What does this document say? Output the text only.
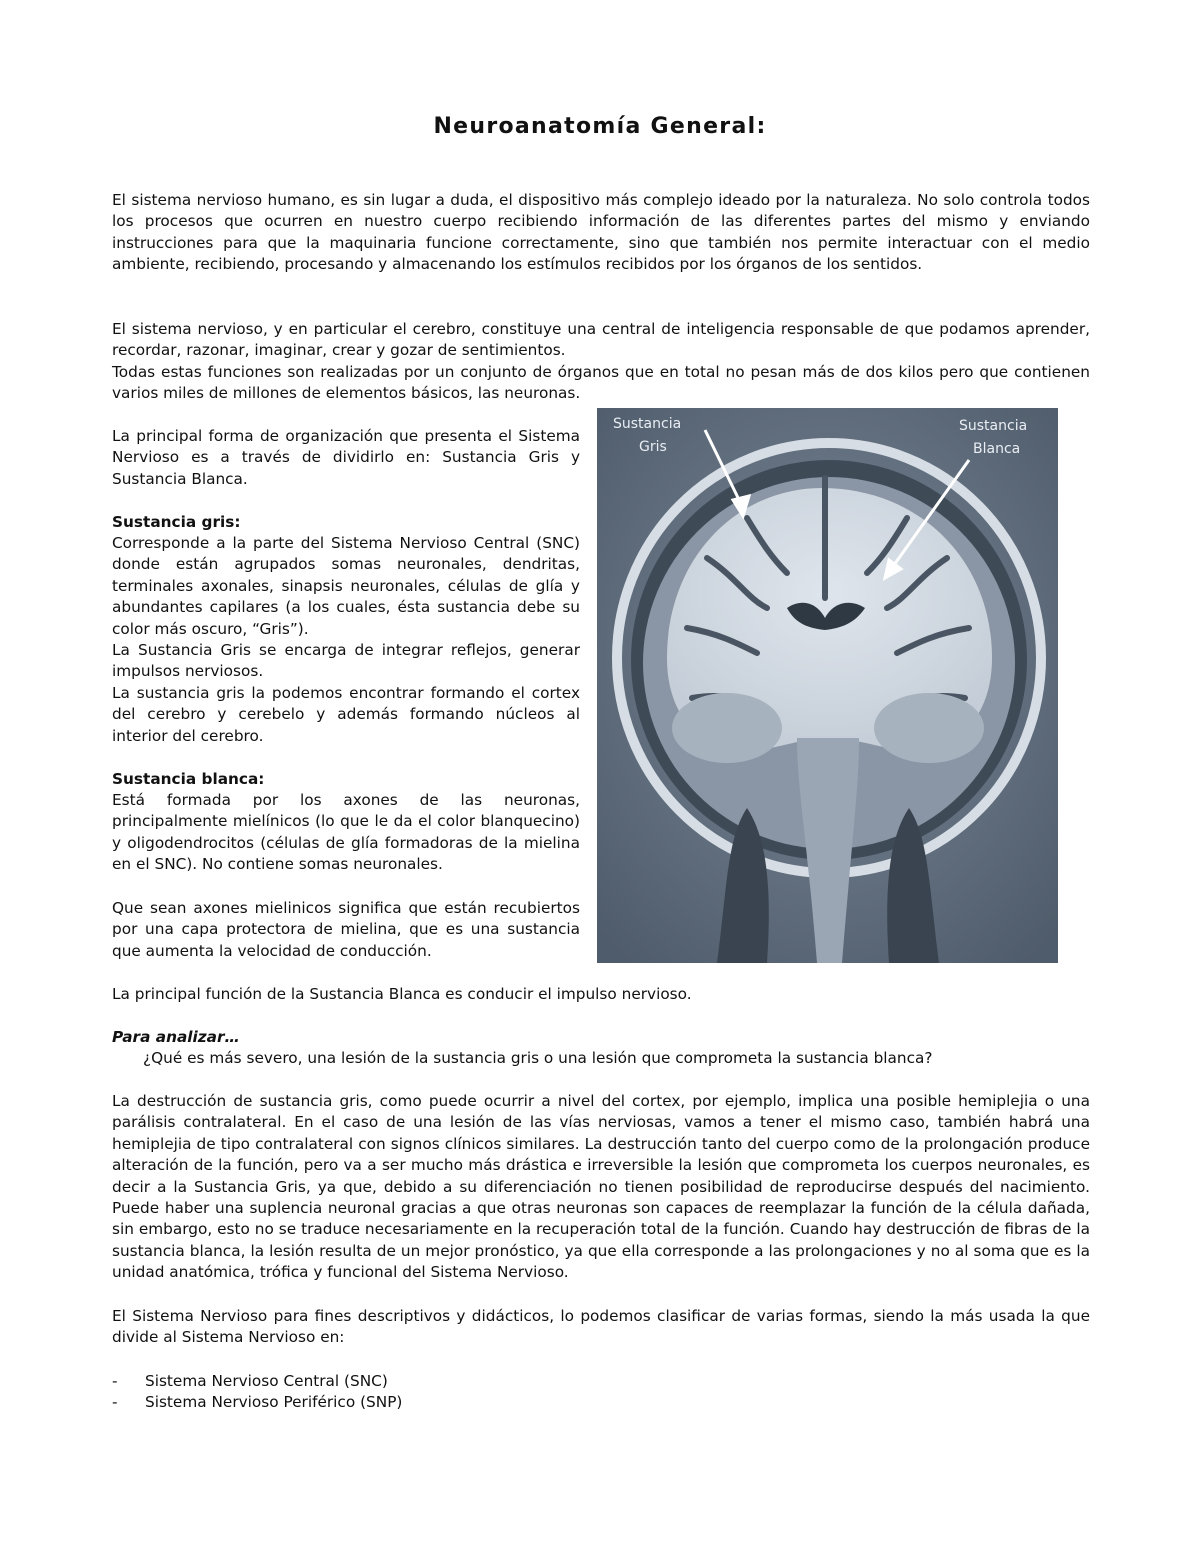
Neuroanatomía General:

El sistema nervioso humano, es sin lugar a duda, el dispositivo más complejo ideado por la naturaleza. No solo controla todos los procesos que ocurren en nuestro cuerpo recibiendo información de las diferentes partes del mismo y enviando instrucciones para que la maquinaria funcione correctamente, sino que también nos permite interactuar con el medio ambiente, recibiendo, procesando y almacenando los estímulos recibidos por los órganos de los sentidos.

El sistema nervioso, y en particular el cerebro, constituye una central de inteligencia responsable de que podamos aprender, recordar, razonar, imaginar, crear y gozar de sentimientos.

Todas estas funciones son realizadas por un conjunto de órganos que en total no pesan más de dos kilos pero que contienen varios miles de millones de elementos básicos, las neuronas.

La principal forma de organización que presenta el Sistema Nervioso es a través de dividirlo en: Sustancia Gris y Sustancia Blanca.

Sustancia gris:

Corresponde a la parte del Sistema Nervioso Central (SNC) donde están agrupados somas neuronales, dendritas, terminales axonales, sinapsis neuronales, células de glía y abundantes capilares (a los cuales, ésta sustancia debe su color más oscuro, “Gris”).

La Sustancia Gris se encarga de integrar reflejos, generar impulsos nerviosos.

La sustancia gris la podemos encontrar formando el cortex del cerebro y cerebelo y además formando núcleos al interior del cerebro.

Sustancia blanca:

Está formada por los axones de las neuronas, principalmente mielínicos (lo que le da el color blanquecino) y oligodendrocitos (células de glía formadoras de la mielina en el SNC). No contiene somas neuronales.

Que sean axones mielinicos significa que están recubiertos por una capa protectora de mielina, que es una sustancia que aumenta la velocidad de conducción.

La principal función de la Sustancia Blanca es conducir el impulso nervioso.

Para analizar…

¿Qué es más severo, una lesión de la sustancia gris o una lesión que comprometa la sustancia blanca?

La destrucción de sustancia gris, como puede ocurrir a nivel del cortex, por ejemplo, implica una posible hemiplejia o una parálisis contralateral. En el caso de una lesión de las vías nerviosas, vamos a tener el mismo caso, también habrá una hemiplejia de tipo contralateral con signos clínicos similares. La destrucción tanto del cuerpo como de la prolongación produce alteración de la función, pero va a ser mucho más drástica e irreversible la lesión que comprometa los cuerpos neuronales, es decir a la Sustancia Gris, ya que, debido a su diferenciación no tienen posibilidad de reproducirse después del nacimiento. Puede haber una suplencia neuronal gracias a que otras neuronas son capaces de reemplazar la función de la célula dañada, sin embargo, esto no se traduce necesariamente en la recuperación total de la función. Cuando hay destrucción de fibras de la sustancia blanca, la lesión resulta de un mejor pronóstico, ya que ella corresponde a las prolongaciones y no al soma que es la unidad anatómica, trófica y funcional del Sistema Nervioso.

El Sistema Nervioso para fines descriptivos y didácticos, lo podemos clasificar de varias formas, siendo la más usada la que divide al Sistema Nervioso en:

-	Sistema Nervioso Central (SNC)
-	Sistema Nervioso Periférico (SNP)
Sustancia
Gris
Sustancia
Blanca
